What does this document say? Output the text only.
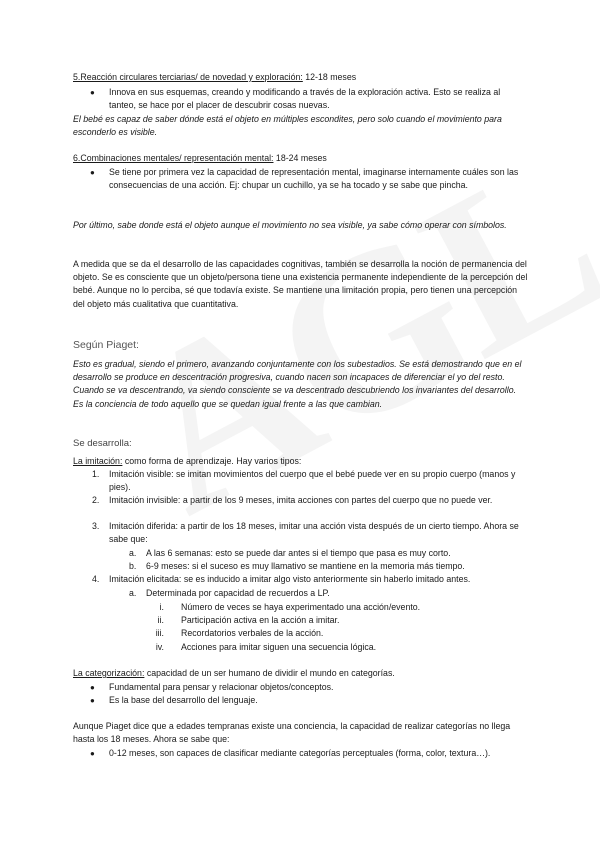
5.Reacción circulares terciarias/ de novedad y exploración: 12-18 meses
● Innova en sus esquemas, creando y modificando a través de la exploración activa. Esto se realiza al tanteo, se hace por el placer de descubrir cosas nuevas.
El bebé es capaz de saber dónde está el objeto en múltiples escondites, pero solo cuando el movimiento para esconderlo es visible.
6.Combinaciones mentales/ representación mental: 18-24 meses
● Se tiene por primera vez la capacidad de representación mental, imaginarse internamente cuáles son las consecuencias de una acción. Ej: chupar un cuchillo, ya se ha tocado y se sabe que pincha.
Por último, sabe donde está el objeto aunque el movimiento no sea visible, ya sabe cómo operar con símbolos.
A medida que se da el desarrollo de las capacidades cognitivas, también se desarrolla la noción de permanencia del objeto. Se es consciente que un objeto/persona tiene una existencia permanente independiente de la percepción del bebé. Aunque no lo perciba, sé que todavía existe. Se mantiene una limitación propia, pero tienen una percepción del objeto más cualitativa que cuantitativa.
Según Piaget:
Esto es gradual, siendo el primero, avanzando conjuntamente con los subestadios. Se está demostrando que en el desarrollo se produce en descentración progresiva, cuando nacen son incapaces de diferenciar el yo del resto. Cuando se va descentrando, va siendo consciente se va descentrado descubriendo los invariantes del desarrollo. Es la conciencia de todo aquello que se quedan igual frente a las que cambian.
Se desarrolla:
La imitación: como forma de aprendizaje. Hay varios tipos:
1. Imitación visible: se imitan movimientos del cuerpo que el bebé puede ver en su propio cuerpo (manos y pies).
2. Imitación invisible: a partir de los 9 meses, imita acciones con partes del cuerpo que no puede ver.
3. Imitación diferida: a partir de los 18 meses, imitar una acción vista después de un cierto tiempo. Ahora se sabe que:
a. A las 6 semanas: esto se puede dar antes si el tiempo que pasa es muy corto.
b. 6-9 meses: si el suceso es muy llamativo se mantiene en la memoria más tiempo.
4. Imitación elicitada: se es inducido a imitar algo visto anteriormente sin haberlo imitado antes.
a. Determinada por capacidad de recuerdos a LP.
i. Número de veces se haya experimentado una acción/evento.
ii. Participación activa en la acción a imitar.
iii. Recordatorios verbales de la acción.
iv. Acciones para imitar siguen una secuencia lógica.
La categorización: capacidad de un ser humano de dividir el mundo en categorías.
● Fundamental para pensar y relacionar objetos/conceptos.
● Es la base del desarrollo del lenguaje.
Aunque Piaget dice que a edades tempranas existe una conciencia, la capacidad de realizar categorías no llega hasta los 18 meses. Ahora se sabe que:
● 0-12 meses, son capaces de clasificar mediante categorías perceptuales (forma, color, textura…).
